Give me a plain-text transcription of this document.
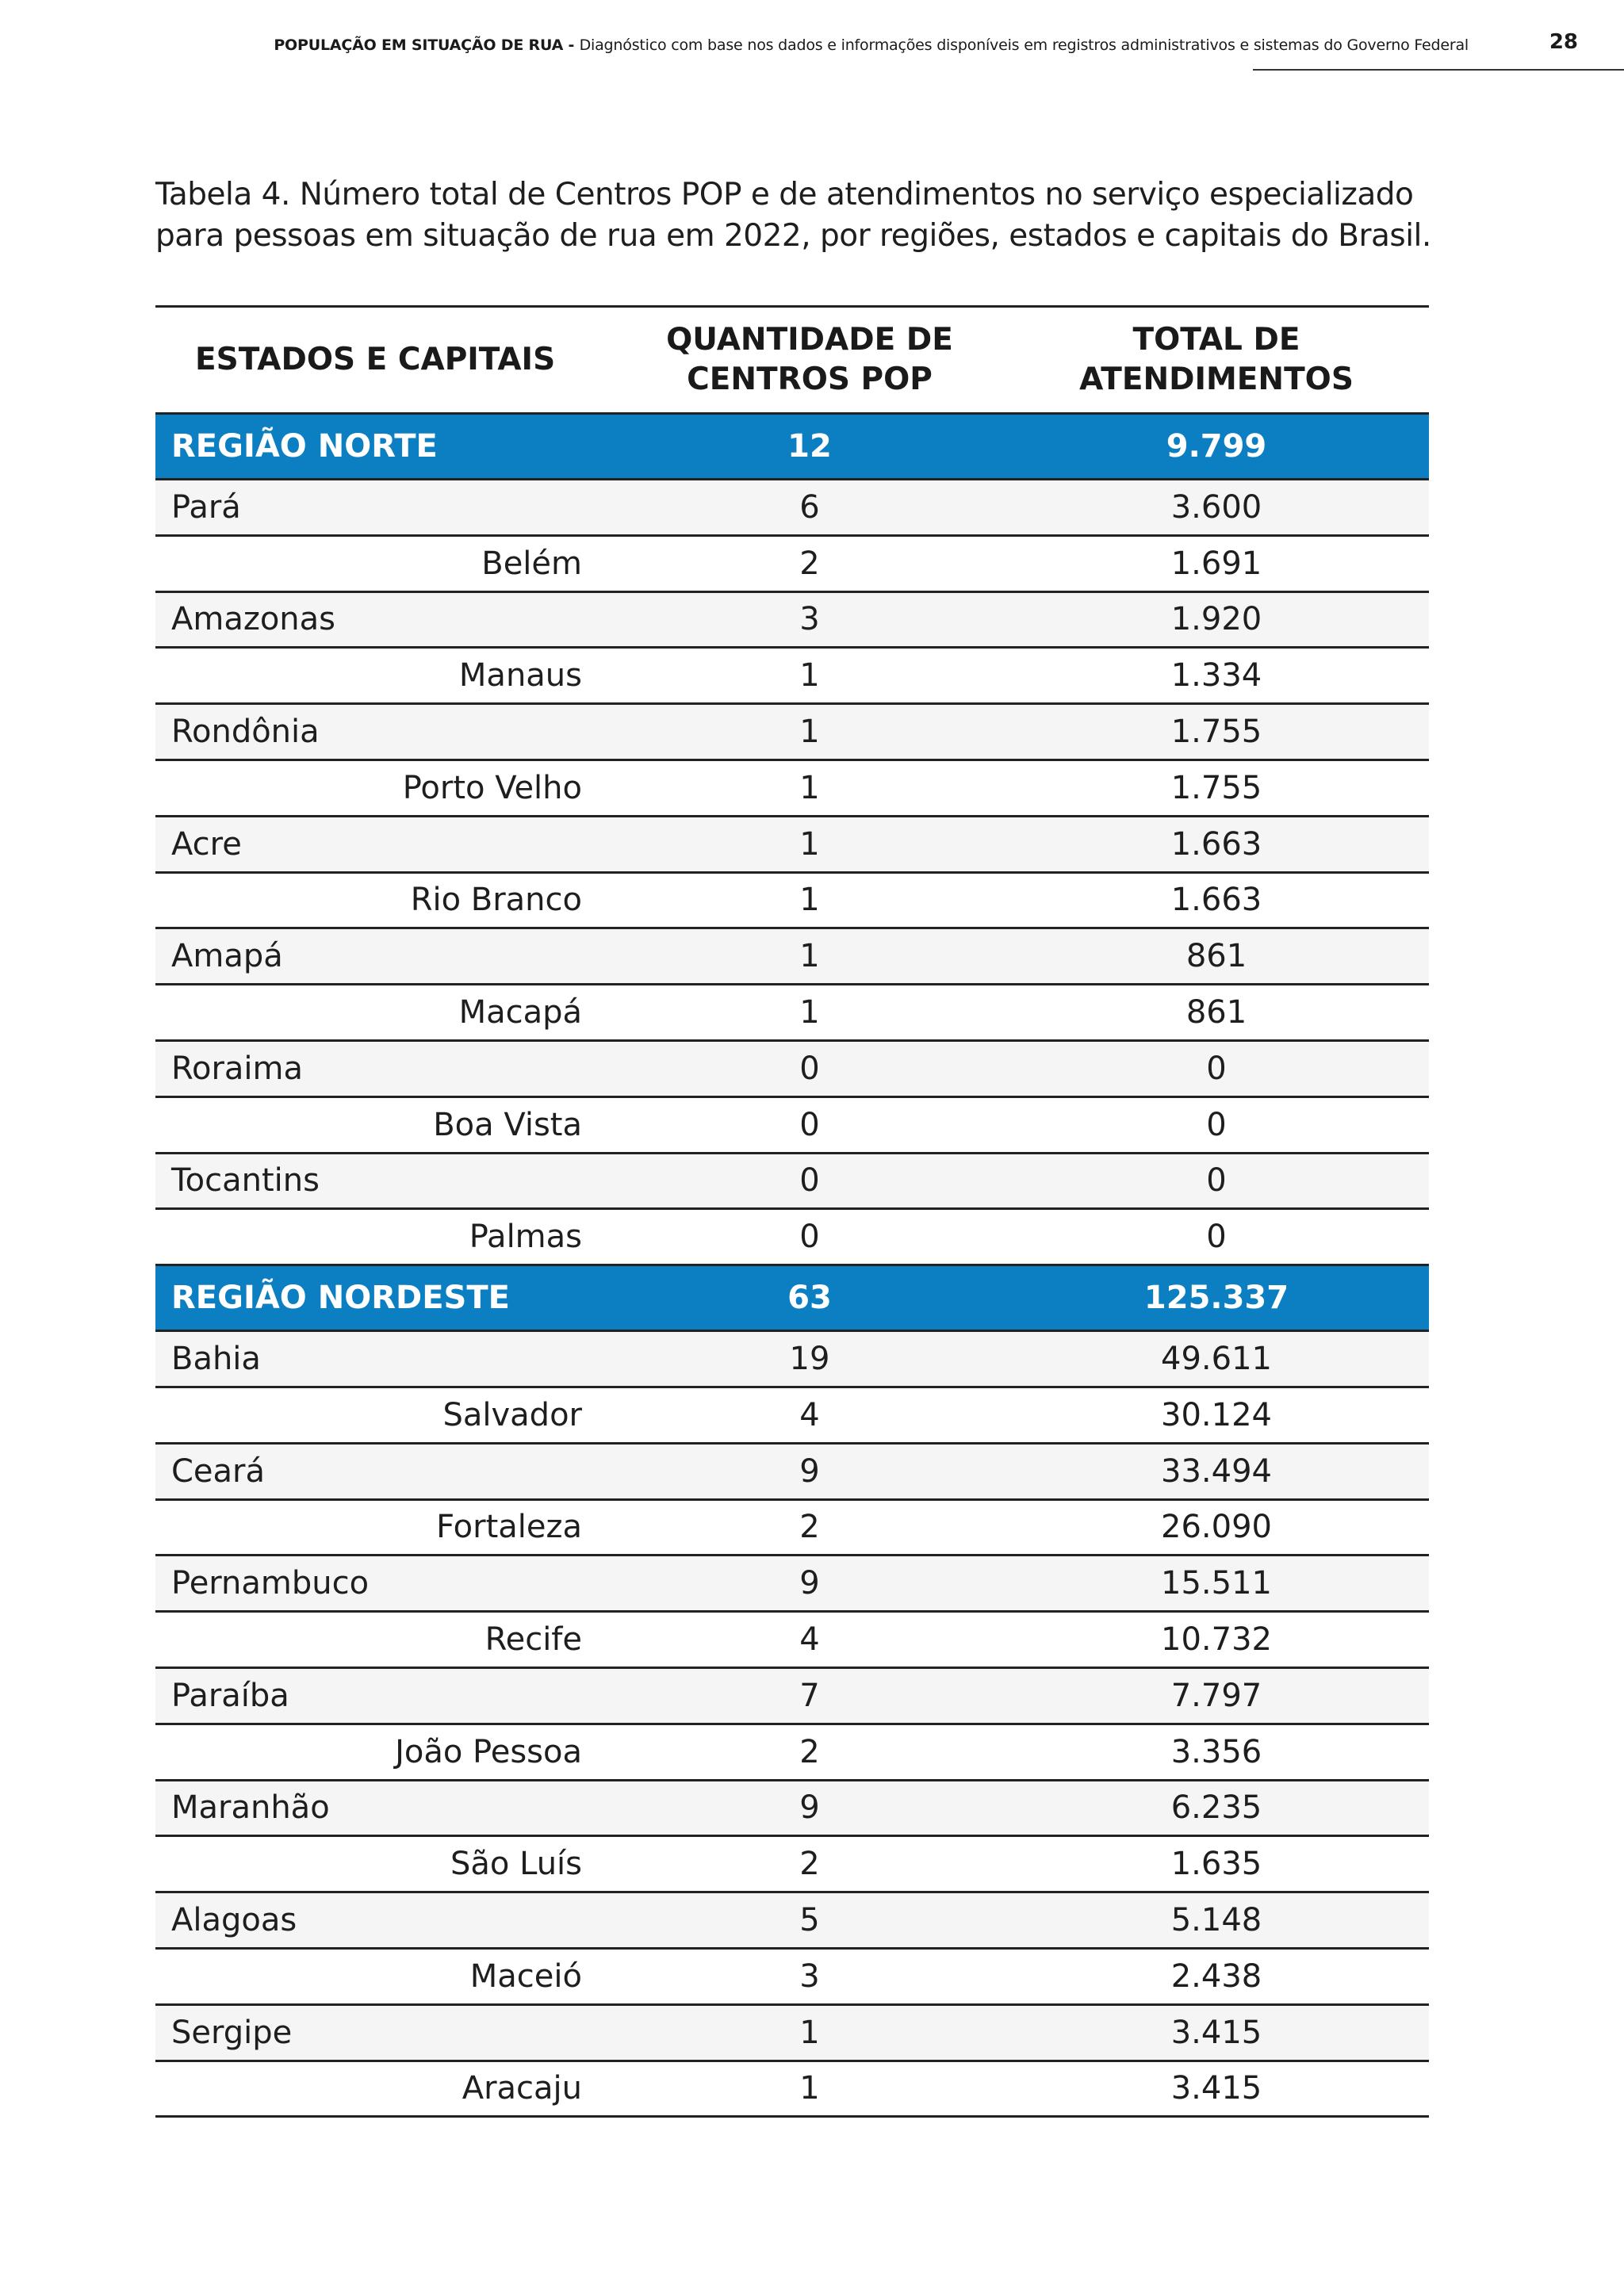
POPULAÇÃO EM SITUAÇÃO DE RUA - Diagnóstico com base nos dados e informações disponíveis em registros administrativos e sistemas do Governo Federal	28
Tabela 4. Número total de Centros POP e de atendimentos no serviço especializado para pessoas em situação de rua em 2022, por regiões, estados e capitais do Brasil.
ESTADOS E CAPITAIS	QUANTIDADE DE CENTROS POP	TOTAL DE ATENDIMENTOS
REGIÃO NORTE	12	9.799
Pará	6	3.600
Belém	2	1.691
Amazonas	3	1.920
Manaus	1	1.334
Rondônia	1	1.755
Porto Velho	1	1.755
Acre	1	1.663
Rio Branco	1	1.663
Amapá	1	861
Macapá	1	861
Roraima	0	0
Boa Vista	0	0
Tocantins	0	0
Palmas	0	0
REGIÃO NORDESTE	63	125.337
Bahia	19	49.611
Salvador	4	30.124
Ceará	9	33.494
Fortaleza	2	26.090
Pernambuco	9	15.511
Recife	4	10.732
Paraíba	7	7.797
João Pessoa	2	3.356
Maranhão	9	6.235
São Luís	2	1.635
Alagoas	5	5.148
Maceió	3	2.438
Sergipe	1	3.415
Aracaju	1	3.415
